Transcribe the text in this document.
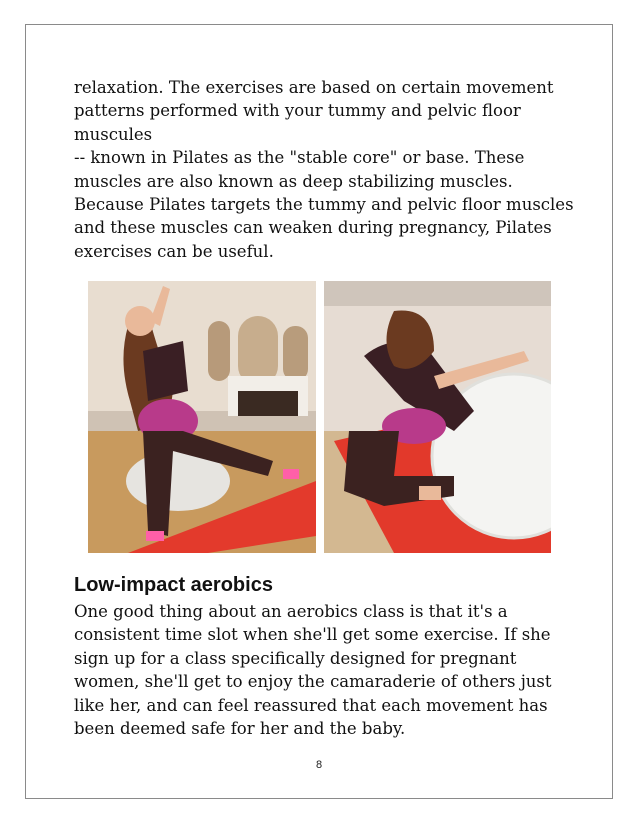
relaxation. The exercises are based on certain movement
patterns performed with your tummy and pelvic floor
muscules
-- known in Pilates as the "stable core" or base. These
muscles are also known as deep stabilizing muscles.
Because Pilates targets the tummy and pelvic floor muscles
and these muscles can weaken during pregnancy, Pilates
exercises can be useful.

Low-impact aerobics

One good thing about an aerobics class is that it's a
consistent time slot when she'll get some exercise. If she
sign up for a class specifically designed for pregnant
women, she'll get to enjoy the camaraderie of others just
like her, and can feel reassured that each movement has
been deemed safe for her and the baby.

8
